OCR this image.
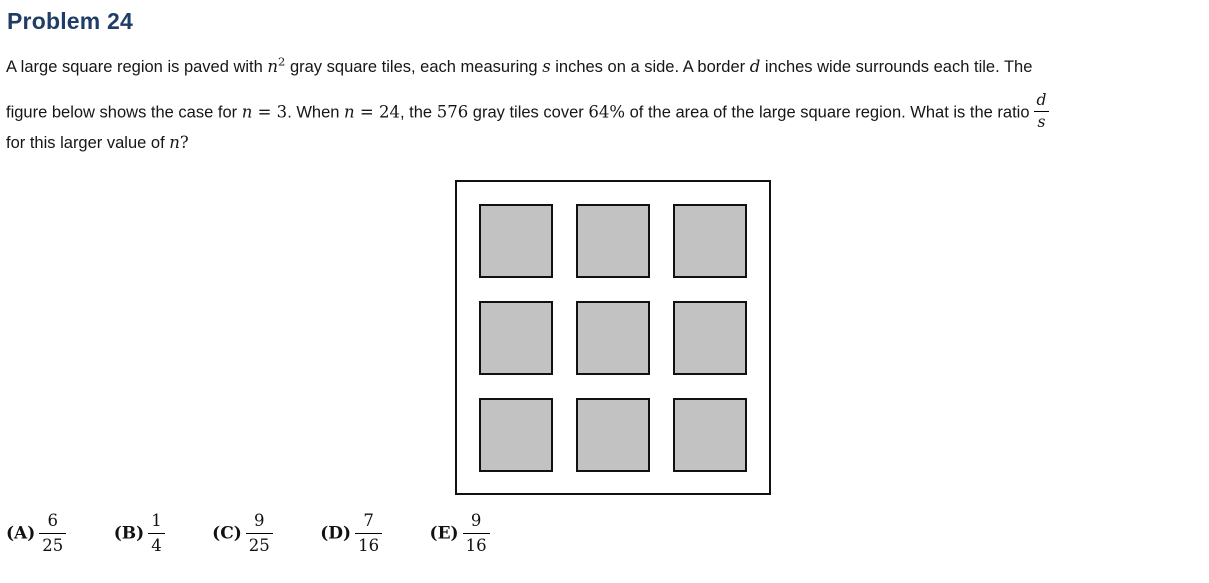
Problem 24
A large square region is paved with $n^2$ gray square tiles, each measuring s inches on a side. A border d inches wide surrounds each tile. The
figure below shows the case for n = 3. When n = 24, the 576 gray tiles cover 64% of the area of the large square region. What is the ratio $\frac{d}{s}$
for this larger value of n?
$(A) \frac{6}{25}$	$(B) \frac{1}{4}$	$(C) \frac{9}{25}$	$(D) \frac{7}{16}$	$(E) \frac{9}{16}$
